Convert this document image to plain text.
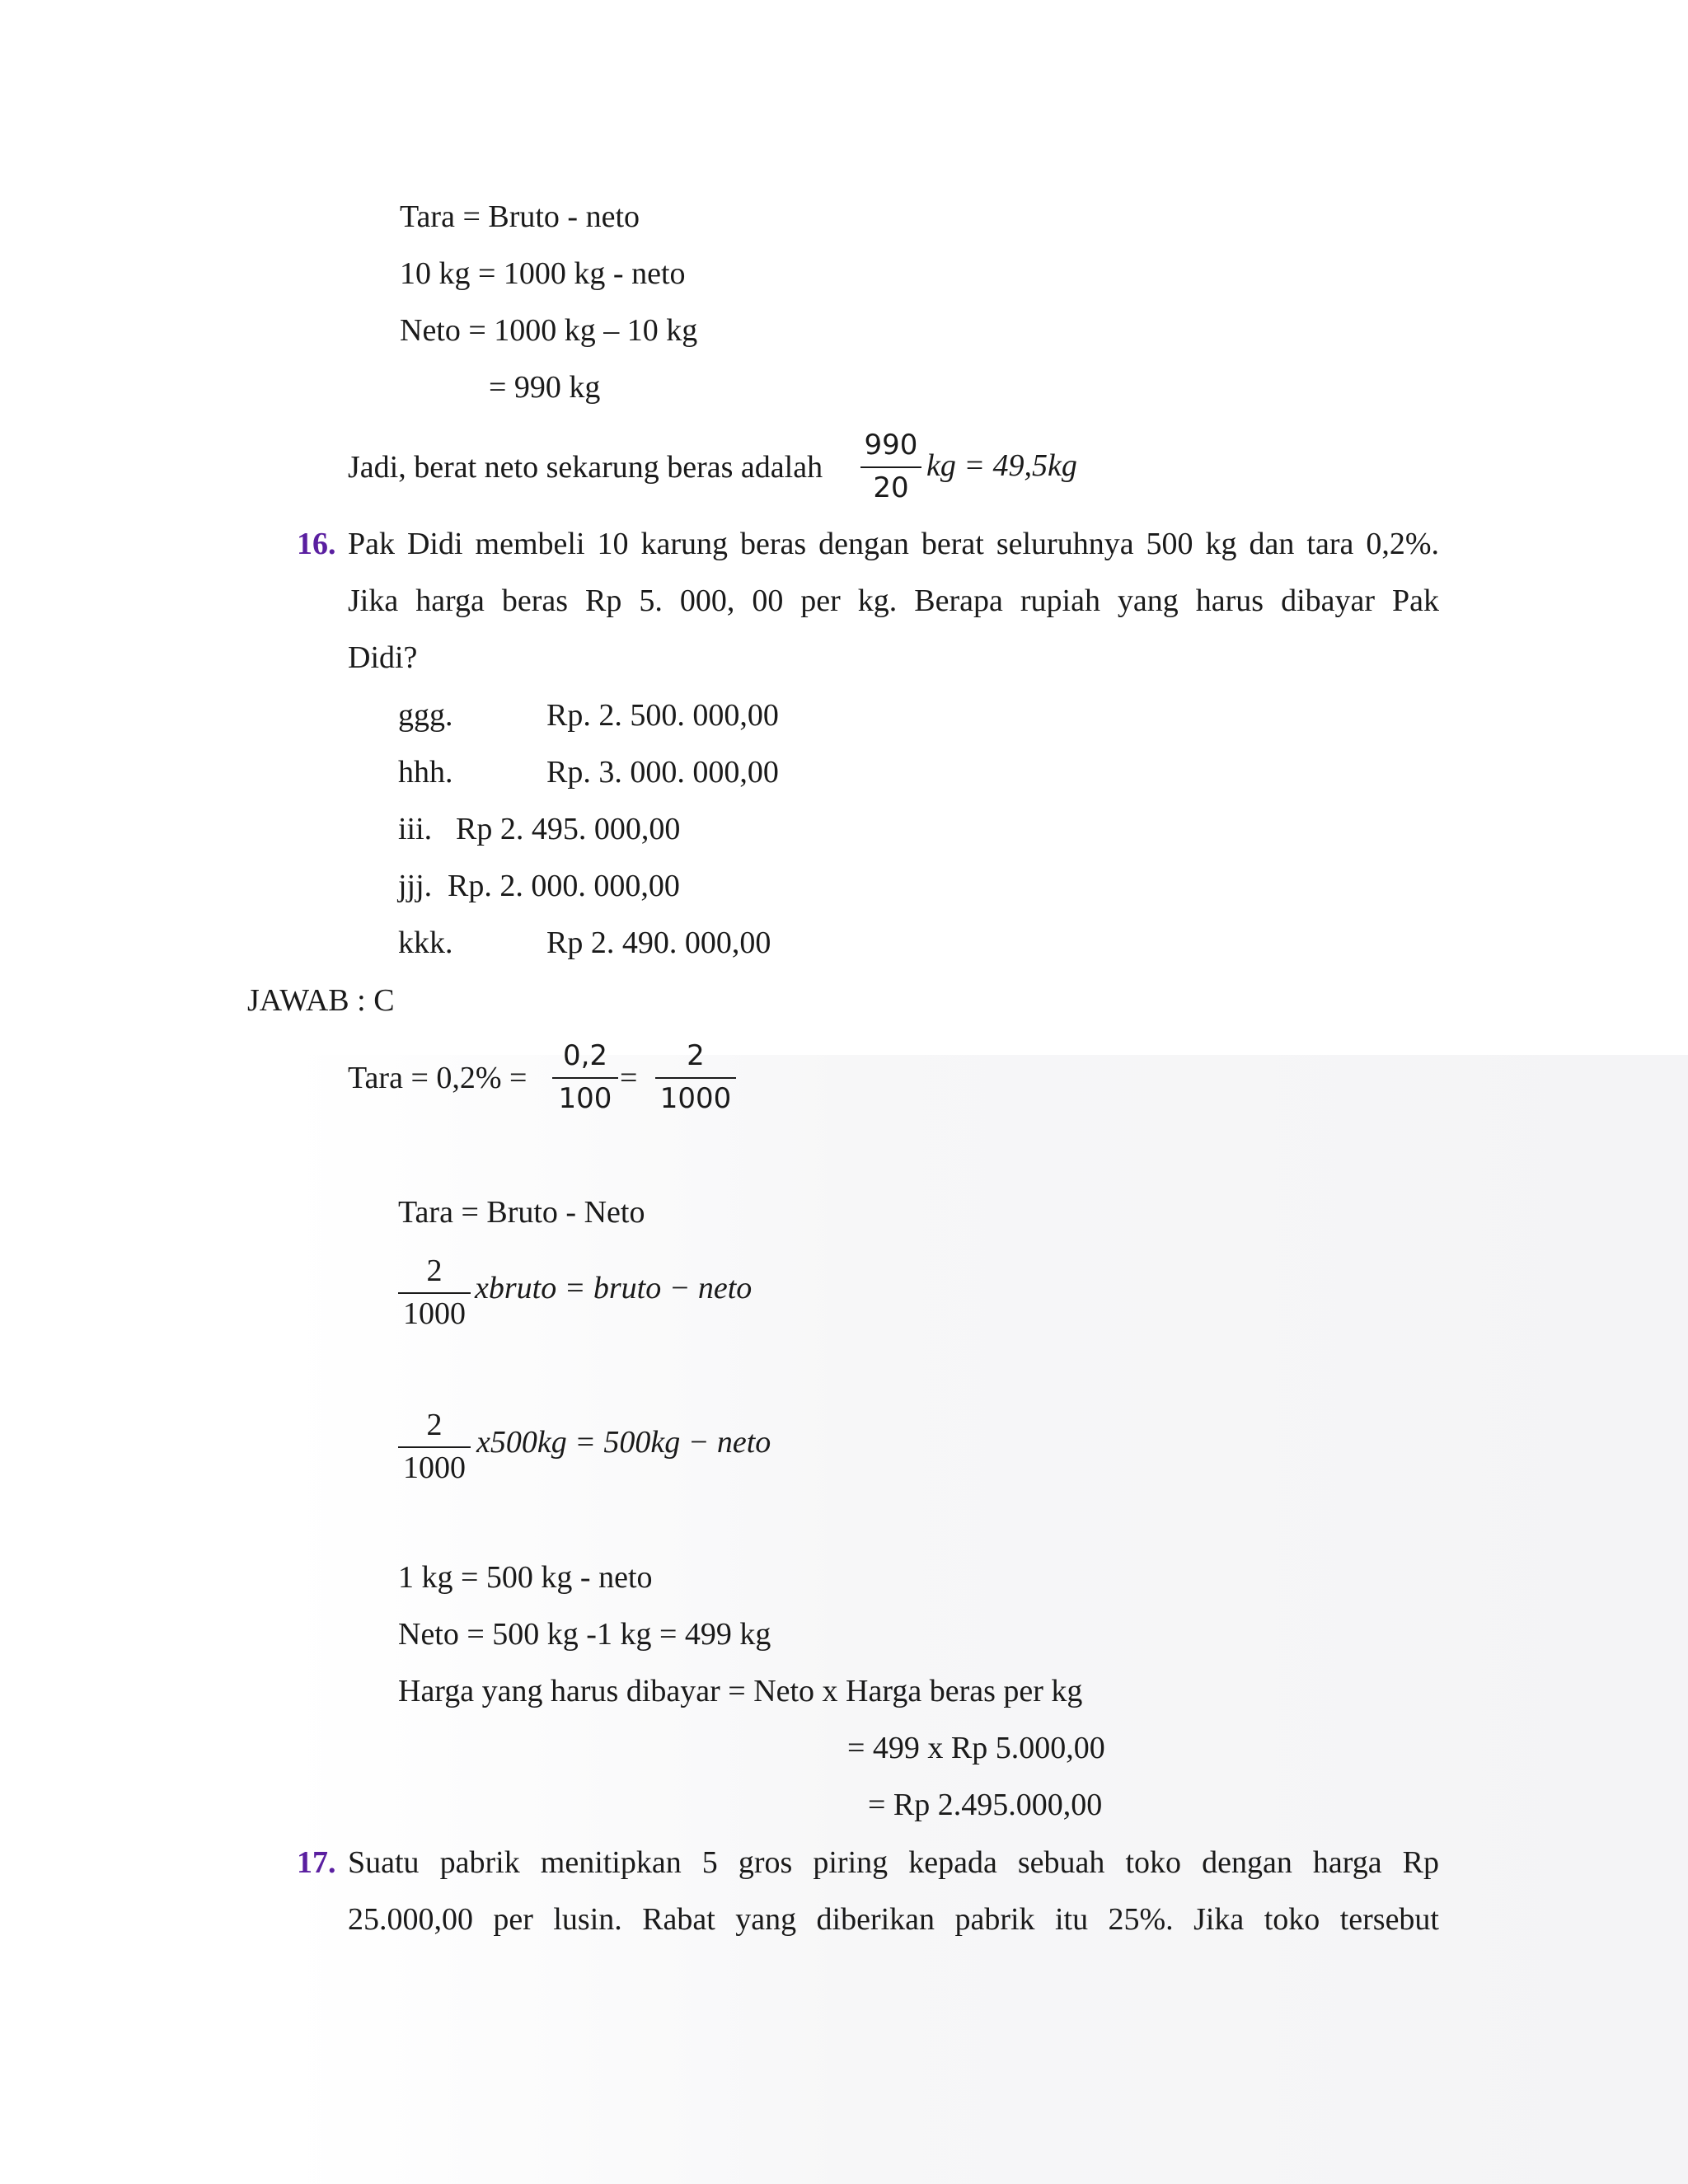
Tara = Bruto - neto
10 kg = 1000 kg - neto
Neto = 1000 kg – 10 kg
= 990 kg
Jadi, berat neto sekarung beras adalah
990
20
kg = 49,5kg
16. Pak Didi membeli 10 karung beras dengan berat seluruhnya 500 kg dan tara 0,2%.
Jika harga beras Rp 5. 000, 00 per kg. Berapa rupiah yang harus dibayar Pak
Didi?
ggg.	Rp. 2. 500. 000,00
hhh.	Rp. 3. 000. 000,00
iii. Rp 2. 495. 000,00
jjj. Rp. 2. 000. 000,00
kkk.	Rp 2. 490. 000,00
JAWAB : C
Tara = 0,2% =
0,2
100
=
2
1000
Tara = Bruto - Neto
2
1000
xbruto = bruto − neto
2
1000
x500kg = 500kg − neto
1 kg = 500 kg - neto
Neto = 500 kg -1 kg = 499 kg
Harga yang harus dibayar = Neto x Harga beras per kg
= 499 x Rp 5.000,00
= Rp 2.495.000,00
17. Suatu pabrik menitipkan 5 gros piring kepada sebuah toko dengan harga Rp
25.000,00 per lusin. Rabat yang diberikan pabrik itu 25%. Jika toko tersebut
